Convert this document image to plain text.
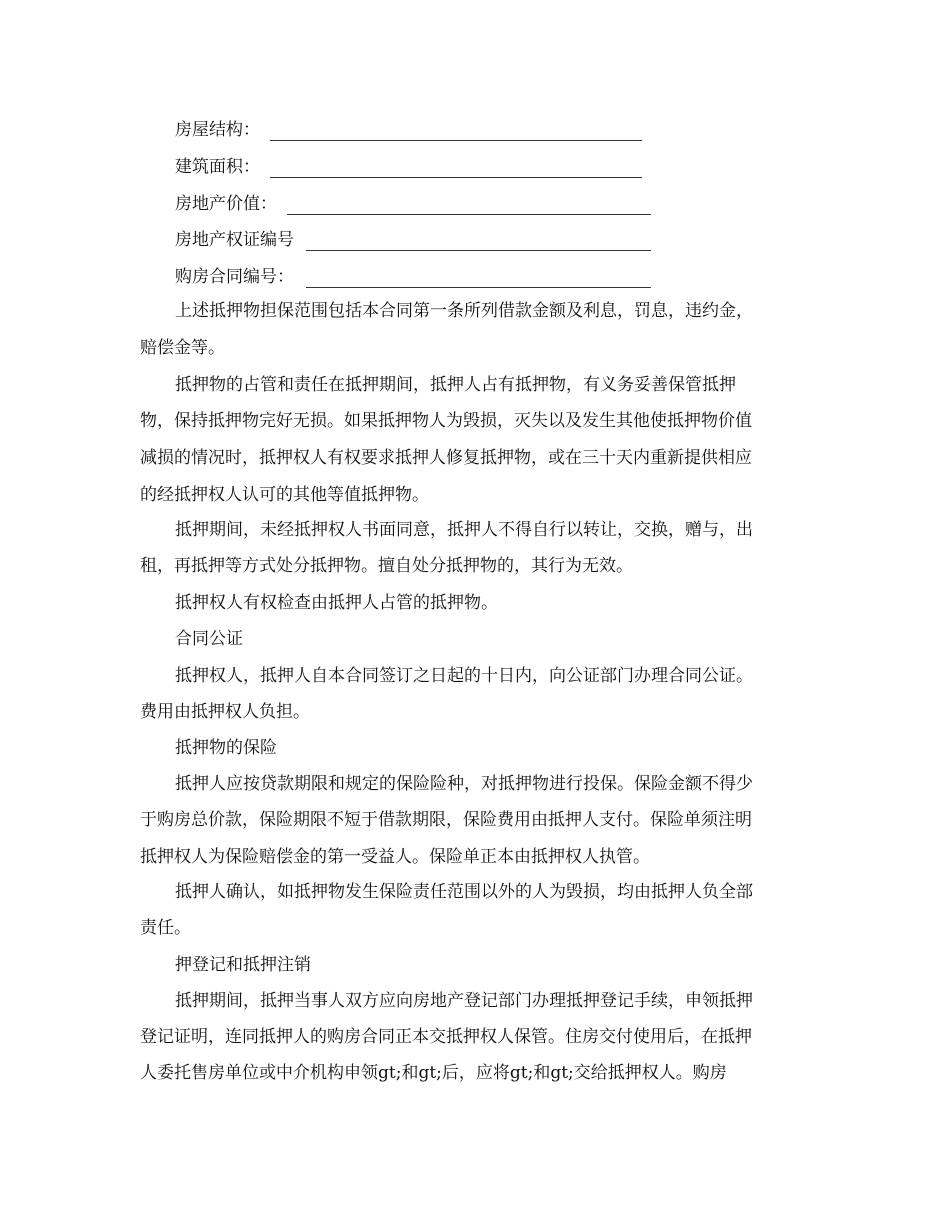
房屋结构：
建筑面积：
房地产价值：
房地产权证编号
购房合同编号：
上述抵押物担保范围包括本合同第一条所列借款金额及利息，罚息，违约金，
赔偿金等。
抵押物的占管和责任在抵押期间，抵押人占有抵押物，有义务妥善保管抵押
物，保持抵押物完好无损。如果抵押物人为毁损，灭失以及发生其他使抵押物价值
减损的情况时，抵押权人有权要求抵押人修复抵押物，或在三十天内重新提供相应
的经抵押权人认可的其他等值抵押物。
抵押期间，未经抵押权人书面同意，抵押人不得自行以转让，交换，赠与，出
租，再抵押等方式处分抵押物。擅自处分抵押物的，其行为无效。
抵押权人有权检查由抵押人占管的抵押物。
合同公证
抵押权人，抵押人自本合同签订之日起的十日内，向公证部门办理合同公证。
费用由抵押权人负担。
抵押物的保险
抵押人应按贷款期限和规定的保险险种，对抵押物进行投保。保险金额不得少
于购房总价款，保险期限不短于借款期限，保险费用由抵押人支付。保险单须注明
抵押权人为保险赔偿金的第一受益人。保险单正本由抵押权人执管。
抵押人确认，如抵押物发生保险责任范围以外的人为毁损，均由抵押人负全部
责任。
押登记和抵押注销
抵押期间，抵押当事人双方应向房地产登记部门办理抵押登记手续，申领抵押
登记证明，连同抵押人的购房合同正本交抵押权人保管。住房交付使用后，在抵押
人委托售房单位或中介机构申领gt;和gt;后，应将gt;和gt;交给抵押权人。购房
